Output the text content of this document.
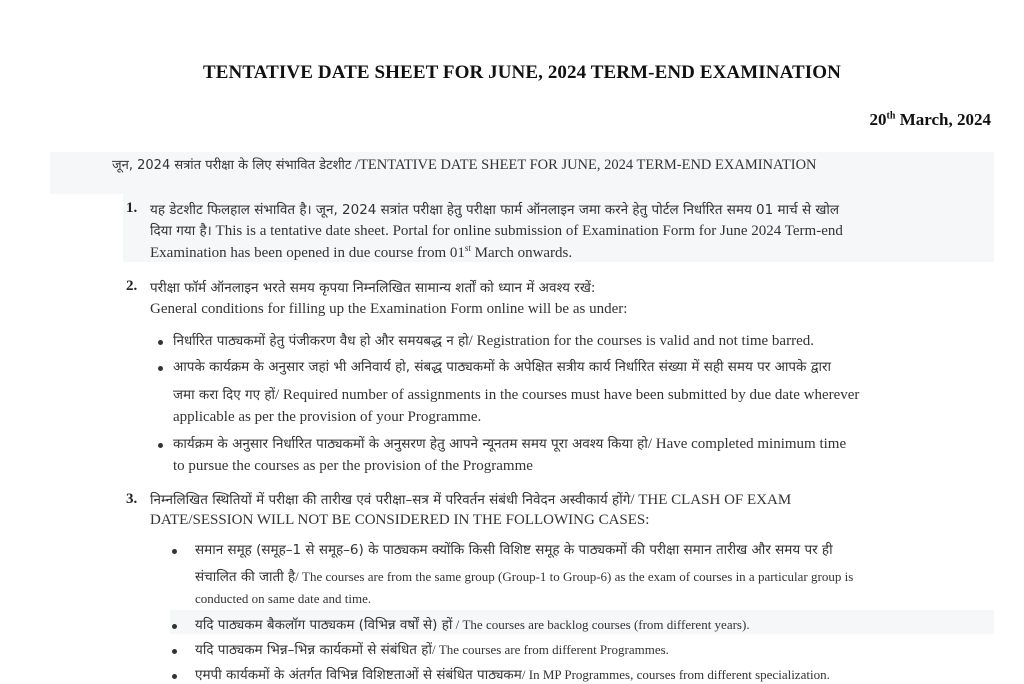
TENTATIVE DATE SHEET FOR JUNE, 2024 TERM-END EXAMINATION
20th March, 2024
जून, 2024 सत्रांत परीक्षा के लिए संभावित डेटशीट /TENTATIVE DATE SHEET FOR JUNE, 2024 TERM-END EXAMINATION
1. यह डेटशीट फिलहाल संभावित है। जून, 2024 सत्रांत परीक्षा हेतु परीक्षा फार्म ऑनलाइन जमा करने हेतु पोर्टल निर्धारित समय 01 मार्च से खोल
दिया गया है। This is a tentative date sheet. Portal for online submission of Examination Form for June 2024 Term-end
Examination has been opened in due course from 01st March onwards.
2. परीक्षा फॉर्म ऑनलाइन भरते समय कृपया निम्नलिखित सामान्य शर्तों को ध्यान में अवश्य रखें:
General conditions for filling up the Examination Form online will be as under:
निर्धारित पाठ्यकमों हेतु पंजीकरण वैध हो और समयबद्ध न हो/ Registration for the courses is valid and not time barred.
आपके कार्यक्रम के अनुसार जहां भी अनिवार्य हो, संबद्ध पाठ्यकमों के अपेक्षित सत्रीय कार्य निर्धारित संख्या में सही समय पर आपके द्वारा
जमा करा दिए गए हों/ Required number of assignments in the courses must have been submitted by due date wherever
applicable as per the provision of your Programme.
कार्यक्रम के अनुसार निर्धारित पाठ्यकमों के अनुसरण हेतु आपने न्यूनतम समय पूरा अवश्य किया हो/ Have completed minimum time
to pursue the courses as per the provision of the Programme
3. निम्नलिखित स्थितियों में परीक्षा की तारीख एवं परीक्षा–सत्र में परिवर्तन संबंधी निवेदन अस्वीकार्य होंगे/ THE CLASH OF EXAM
DATE/SESSION WILL NOT BE CONSIDERED IN THE FOLLOWING CASES:
समान समूह (समूह–1 से समूह–6) के पाठ्यकम क्योंकि किसी विशिष्ट समूह के पाठ्यकमों की परीक्षा समान तारीख और समय पर ही
संचालित की जाती है/ The courses are from the same group (Group-1 to Group-6) as the exam of courses in a particular group is
conducted on same date and time.
यदि पाठ्यकम बैकलॉग पाठ्यकम (विभिन्न वर्षों से) हों / The courses are backlog courses (from different years).
यदि पाठ्यकम भिन्न–भिन्न कार्यकमों से संबंधित हों/ The courses are from different Programmes.
एमपी कार्यकमों के अंतर्गत विभिन्न विशिष्टताओं से संबंधित पाठ्यकम/ In MP Programmes, courses from different specialization.
